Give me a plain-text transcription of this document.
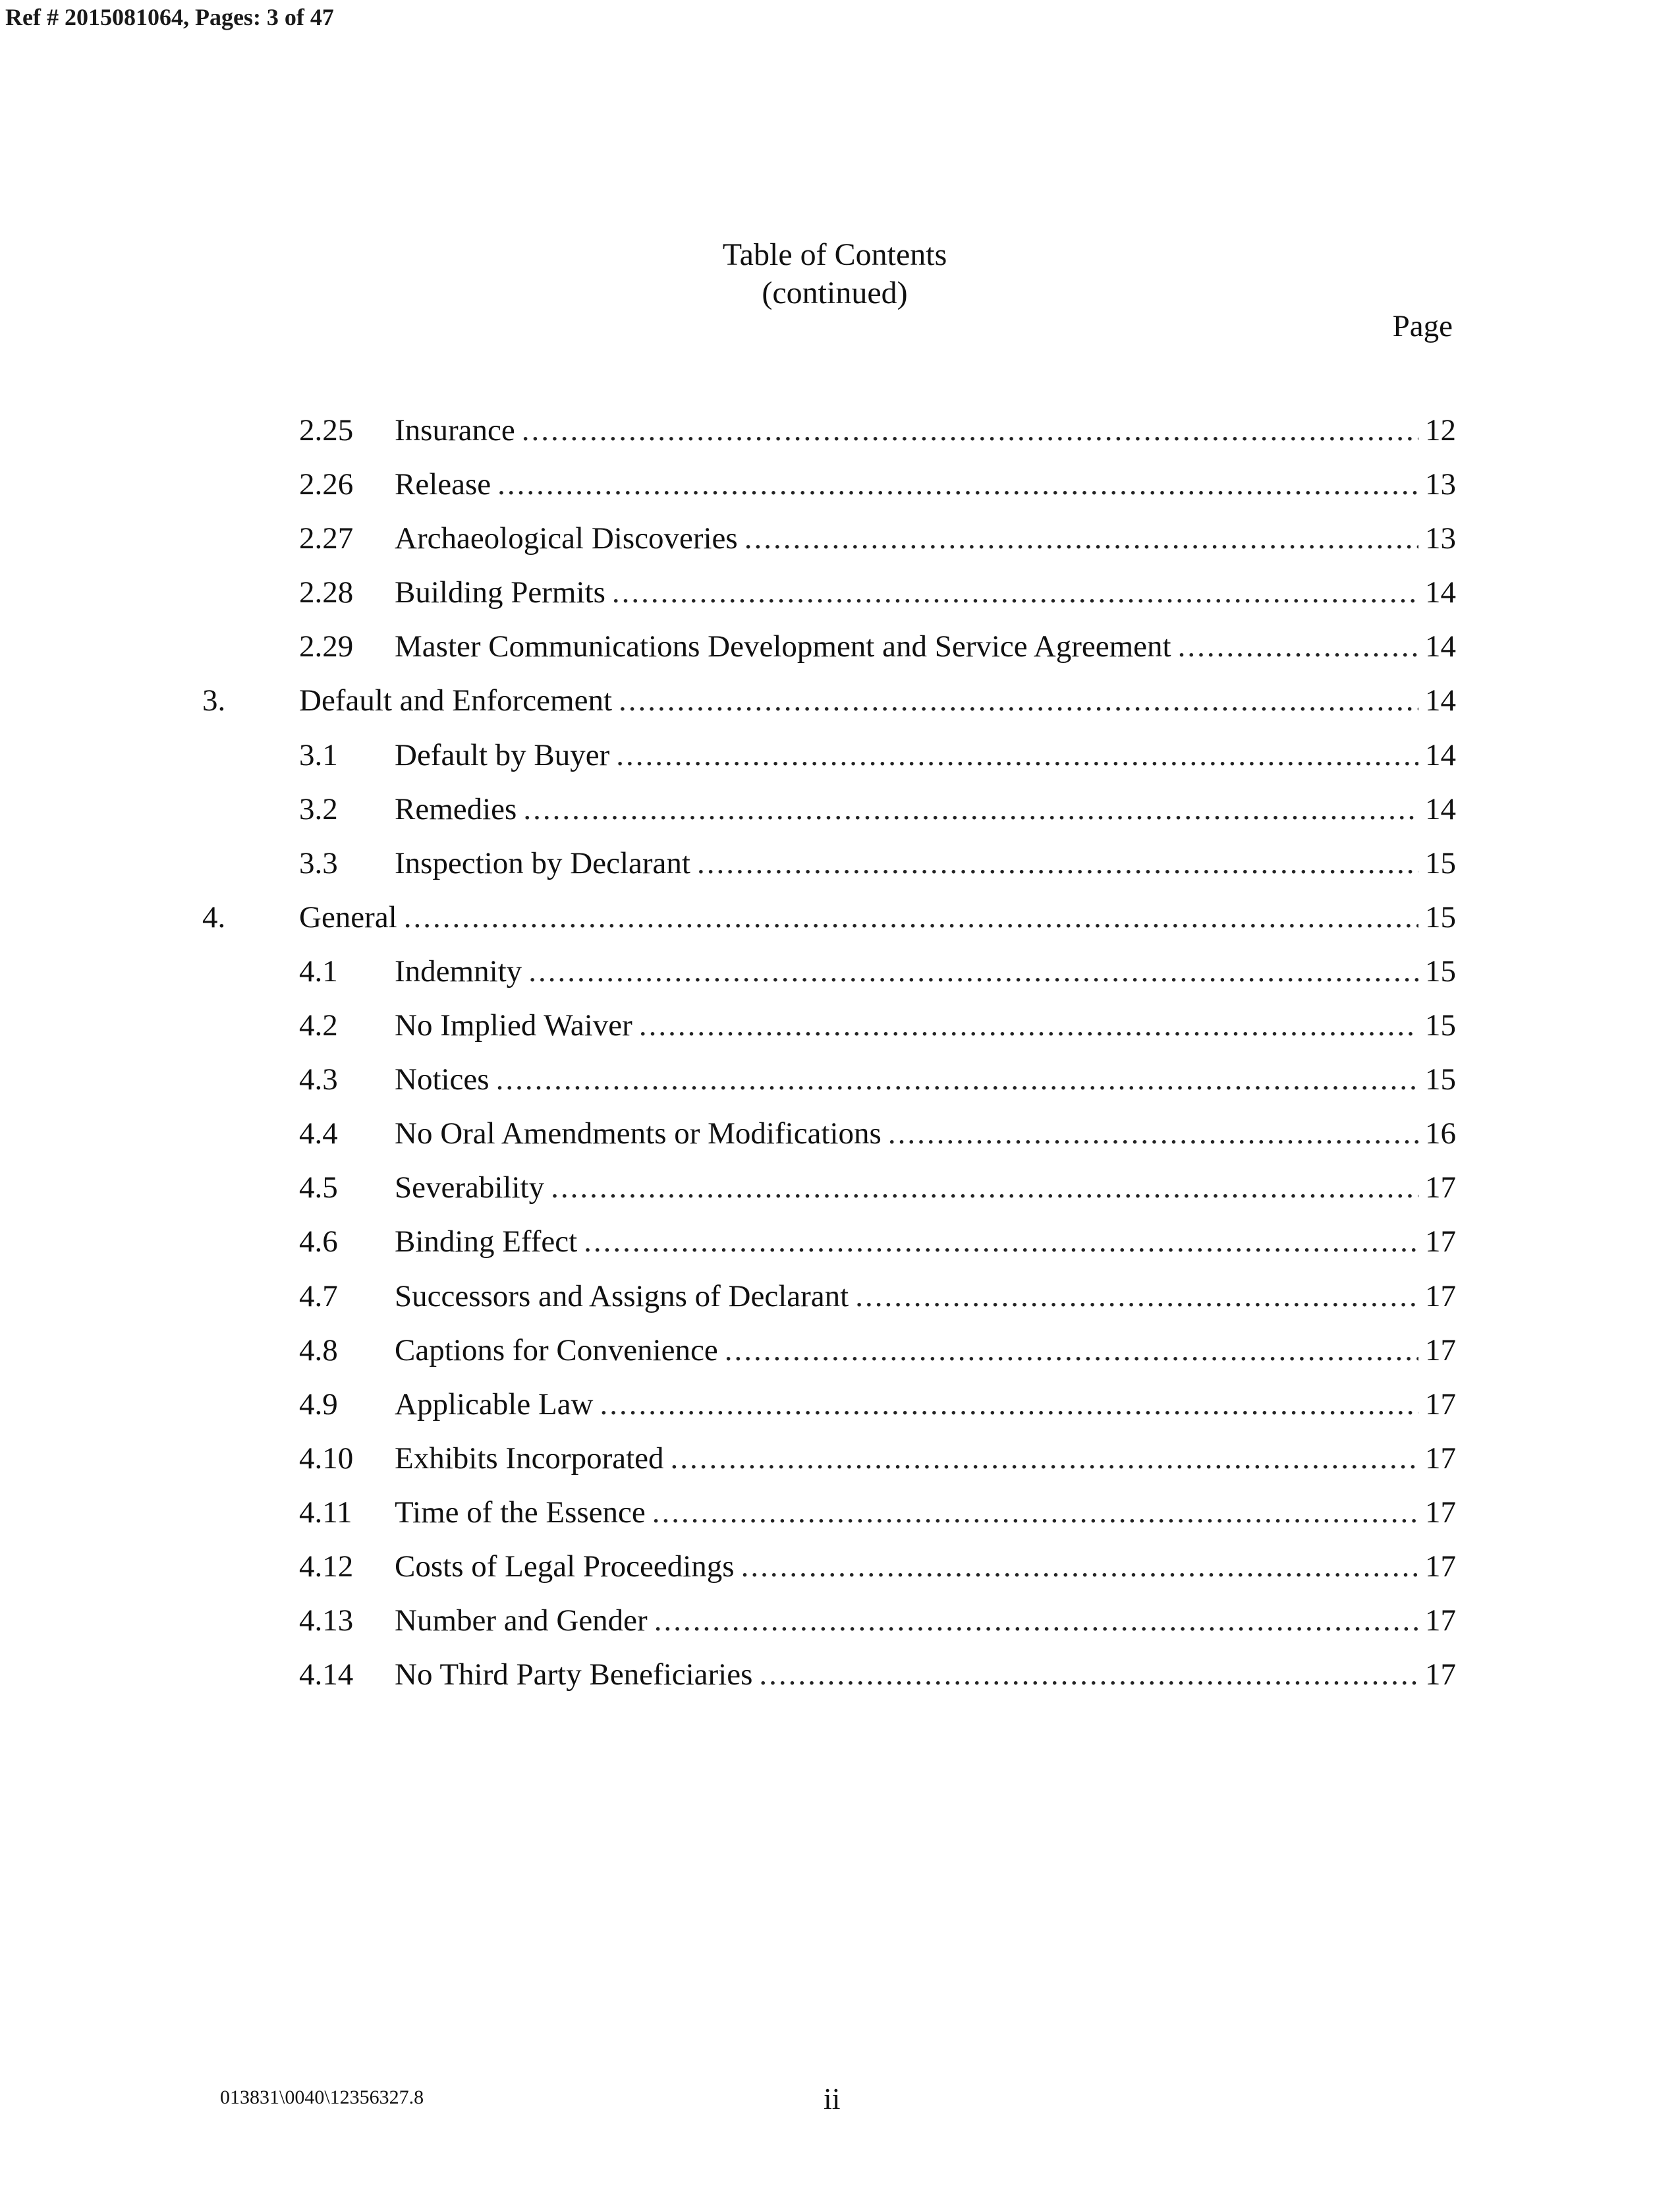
Ref # 2015081064, Pages: 3 of 47
Table of Contents
(continued)
Page
2.25 Insurance .....	12
2.26 Release .....	13
2.27 Archaeological Discoveries .....	13
2.28 Building Permits .....	14
2.29 Master Communications Development and Service Agreement .....	14
3. Default and Enforcement .....	14
3.1 Default by Buyer .....	14
3.2 Remedies .....	14
3.3 Inspection by Declarant .....	15
4. General .....	15
4.1 Indemnity .....	15
4.2 No Implied Waiver .....	15
4.3 Notices .....	15
4.4 No Oral Amendments or Modifications .....	16
4.5 Severability .....	17
4.6 Binding Effect .....	17
4.7 Successors and Assigns of Declarant .....	17
4.8 Captions for Convenience .....	17
4.9 Applicable Law .....	17
4.10 Exhibits Incorporated .....	17
4.11 Time of the Essence .....	17
4.12 Costs of Legal Proceedings .....	17
4.13 Number and Gender .....	17
4.14 No Third Party Beneficiaries .....	17
013831\0040\12356327.8	ii
